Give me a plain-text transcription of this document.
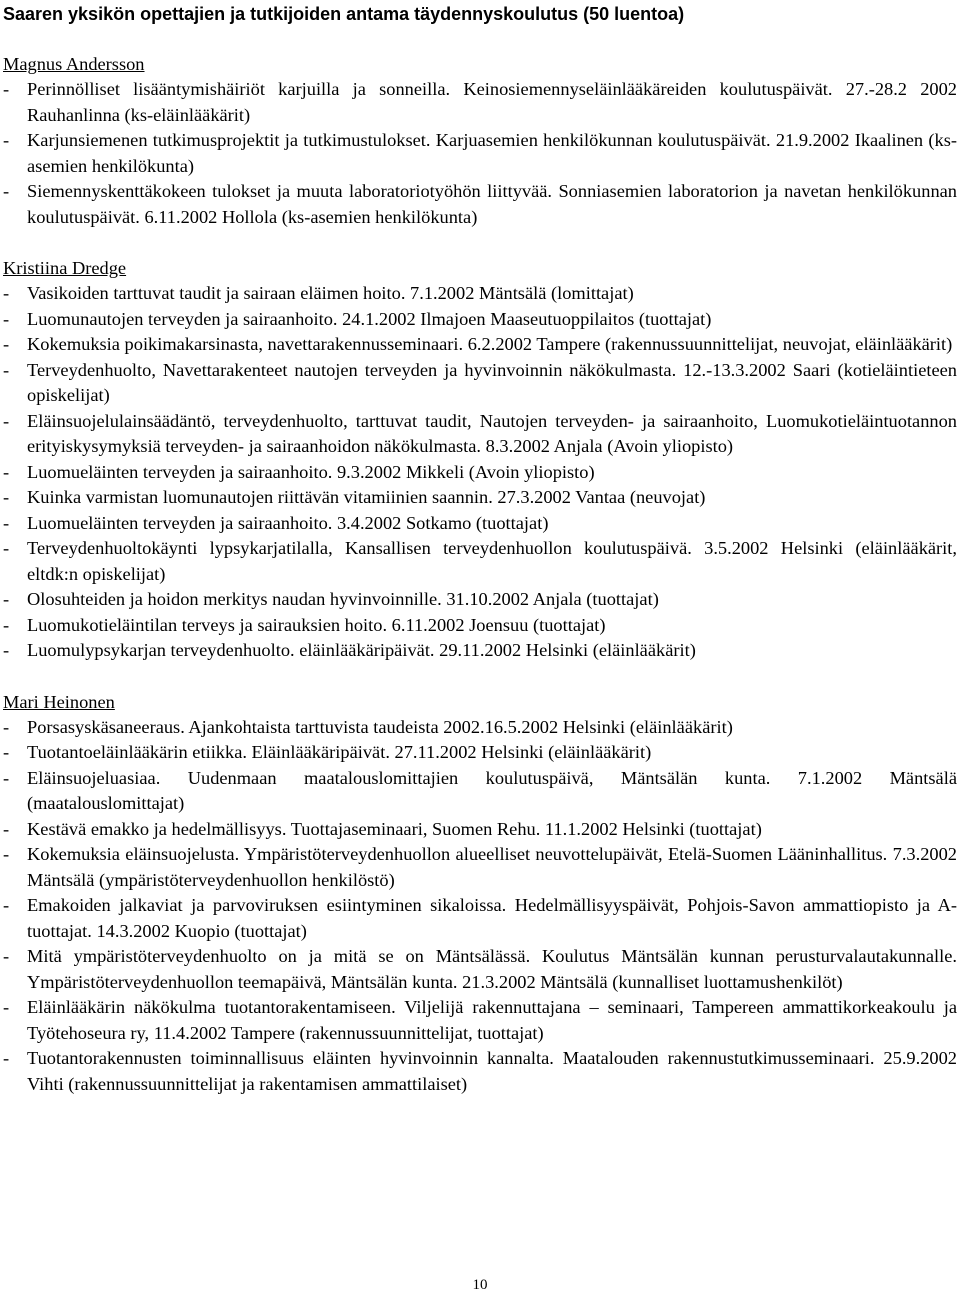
Saaren yksikön opettajien ja tutkijoiden antama täydennyskoulutus (50 luentoa)
Magnus Andersson
- Perinnölliset lisääntymishäiriöt karjuilla ja sonneilla. Keinosiemennyseläinlääkäreiden koulutuspäivät. 27.-28.2 2002 Rauhanlinna (ks-eläinlääkärit)
- Karjunsiemenen tutkimusprojektit ja tutkimustulokset. Karjuasemien henkilökunnan koulutuspäivät. 21.9.2002 Ikaalinen (ks-asemien henkilökunta)
- Siemennyskenttäkokeen tulokset ja muuta laboratoriotyöhön liittyvää. Sonniasemien laboratorion ja navetan henkilökunnan koulutuspäivät. 6.11.2002 Hollola (ks-asemien henkilökunta)
Kristiina Dredge
- Vasikoiden tarttuvat taudit ja sairaan eläimen hoito. 7.1.2002 Mäntsälä (lomittajat)
- Luomunautojen terveyden ja sairaanhoito. 24.1.2002 Ilmajoen Maaseutuoppilaitos (tuottajat)
- Kokemuksia poikimakarsinasta, navettarakennusseminaari. 6.2.2002 Tampere (rakennussuunnittelijat, neuvojat, eläinlääkärit)
- Terveydenhuolto, Navettarakenteet nautojen terveyden ja hyvinvoinnin näkökulmasta. 12.-13.3.2002 Saari (kotieläintieteen opiskelijat)
- Eläinsuojelulainsäädäntö, terveydenhuolto, tarttuvat taudit, Nautojen terveyden- ja sairaanhoito, Luomukotieläintuotannon erityiskysymyksiä terveyden- ja sairaanhoidon näkökulmasta. 8.3.2002 Anjala (Avoin yliopisto)
- Luomueläinten terveyden ja sairaanhoito. 9.3.2002 Mikkeli (Avoin yliopisto)
- Kuinka varmistan luomunautojen riittävän vitamiinien saannin. 27.3.2002 Vantaa (neuvojat)
- Luomueläinten terveyden ja sairaanhoito. 3.4.2002 Sotkamo (tuottajat)
- Terveydenhuoltokäynti lypsykarjatilalla, Kansallisen terveydenhuollon koulutuspäivä. 3.5.2002 Helsinki (eläinlääkärit, eltdk:n opiskelijat)
- Olosuhteiden ja hoidon merkitys naudan hyvinvoinnille. 31.10.2002 Anjala (tuottajat)
- Luomukotieläintilan terveys ja sairauksien hoito. 6.11.2002 Joensuu (tuottajat)
- Luomulypsykarjan terveydenhuolto. eläinlääkäripäivät. 29.11.2002 Helsinki (eläinlääkärit)
Mari Heinonen
- Porsasyskäsaneeraus. Ajankohtaista tarttuvista taudeista 2002.16.5.2002 Helsinki (eläinlääkärit)
- Tuotantoeläinlääkärin etiikka. Eläinlääkäripäivät. 27.11.2002 Helsinki (eläinlääkärit)
- Eläinsuojeluasiaa. Uudenmaan maatalouslomittajien koulutuspäivä, Mäntsälän kunta. 7.1.2002 Mäntsälä (maatalouslomittajat)
- Kestävä emakko ja hedelmällisyys. Tuottajaseminaari, Suomen Rehu. 11.1.2002 Helsinki (tuottajat)
- Kokemuksia eläinsuojelusta. Ympäristöterveydenhuollon alueelliset neuvottelupäivät, Etelä-Suomen Lääninhallitus. 7.3.2002 Mäntsälä (ympäristöterveydenhuollon henkilöstö)
- Emakoiden jalkaviat ja parvoviruksen esiintyminen sikaloissa. Hedelmällisyyspäivät, Pohjois-Savon ammattiopisto ja A-tuottajat. 14.3.2002 Kuopio (tuottajat)
- Mitä ympäristöterveydenhuolto on ja mitä se on Mäntsälässä. Koulutus Mäntsälän kunnan perusturvalautakunnalle. Ympäristöterveydenhuollon teemapäivä, Mäntsälän kunta. 21.3.2002 Mäntsälä (kunnalliset luottamushenkilöt)
- Eläinlääkärin näkökulma tuotantorakentamiseen. Viljelijä rakennuttajana – seminaari, Tampereen ammattikorkeakoulu ja Työtehoseura ry, 11.4.2002 Tampere (rakennussuunnittelijat, tuottajat)
- Tuotantorakennusten toiminnallisuus eläinten hyvinvoinnin kannalta. Maatalouden rakennustutkimusseminaari. 25.9.2002 Vihti (rakennussuunnittelijat ja rakentamisen ammattilaiset)
10
